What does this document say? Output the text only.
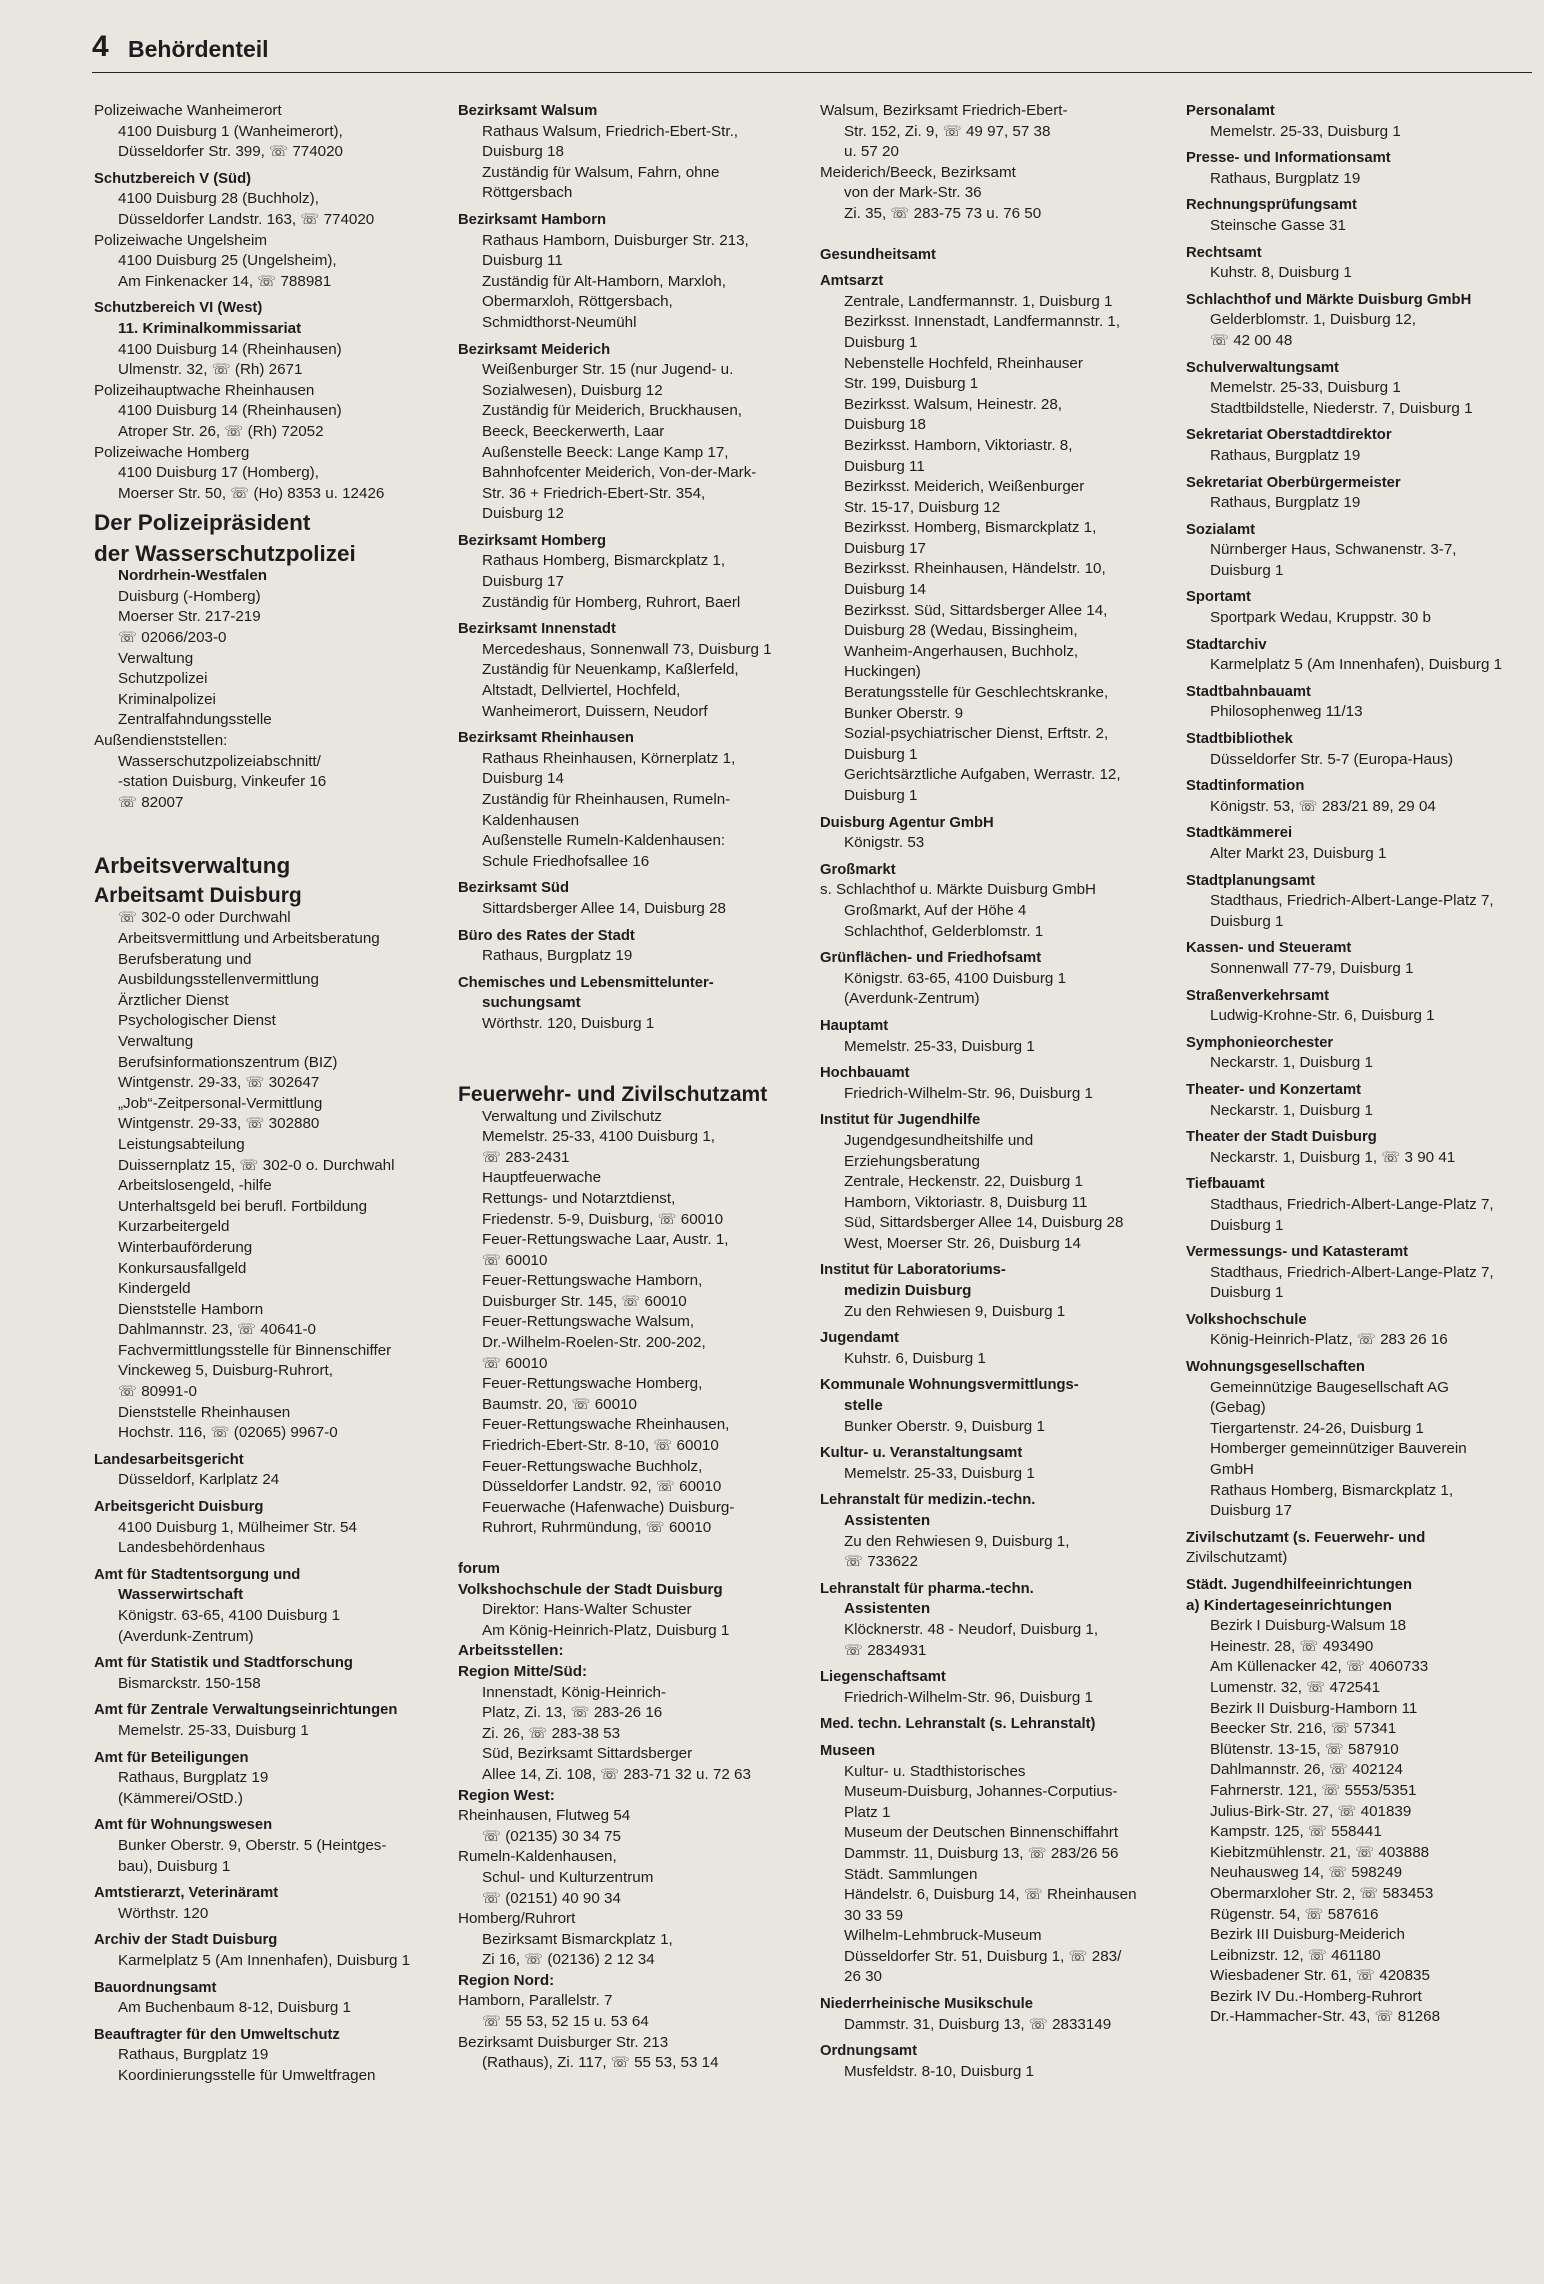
4 Behördenteil
Polizeiwache Wanheimerort
4100 Duisburg 1 (Wanheimerort),
Düsseldorfer Str. 399, ☏ 774020
Schutzbereich V (Süd)
4100 Duisburg 28 (Buchholz),
Düsseldorfer Landstr. 163, ☏ 774020
Polizeiwache Ungelsheim
4100 Duisburg 25 (Ungelsheim),
Am Finkenacker 14, ☏ 788981
Schutzbereich VI (West)
11. Kriminalkommissariat
4100 Duisburg 14 (Rheinhausen)
Ulmenstr. 32, ☏ (Rh) 2671
Polizeihauptwache Rheinhausen
4100 Duisburg 14 (Rheinhausen)
Atroper Str. 26, ☏ (Rh) 72052
Polizeiwache Homberg
4100 Duisburg 17 (Homberg),
Moerser Str. 50, ☏ (Ho) 8353 u. 12426
Der Polizeipräsident
der Wasserschutzpolizei
Nordrhein-Westfalen
Duisburg (-Homberg)
Moerser Str. 217-219
☏ 02066/203-0
Verwaltung
Schutzpolizei
Kriminalpolizei
Zentralfahndungsstelle
Außendienststellen:
Wasserschutzpolizeiabschnitt/
-station Duisburg, Vinkeufer 16
☏ 82007
Arbeitsverwaltung
Arbeitsamt Duisburg
☏ 302-0 oder Durchwahl
Arbeitsvermittlung und Arbeitsberatung
Berufsberatung und
Ausbildungsstellenvermittlung
Ärztlicher Dienst
Psychologischer Dienst
Verwaltung
Berufsinformationszentrum (BIZ)
Wintgenstr. 29-33, ☏ 302647
„Job“-Zeitpersonal-Vermittlung
Wintgenstr. 29-33, ☏ 302880
Leistungsabteilung
Duissernplatz 15, ☏ 302-0 o. Durchwahl
Arbeitslosengeld, -hilfe
Unterhaltsgeld bei berufl. Fortbildung
Kurzarbeitergeld
Winterbauförderung
Konkursausfallgeld
Kindergeld
Dienststelle Hamborn
Dahlmannstr. 23, ☏ 40641-0
Fachvermittlungsstelle für Binnenschiffer
Vinckeweg 5, Duisburg-Ruhrort,
☏ 80991-0
Dienststelle Rheinhausen
Hochstr. 116, ☏ (02065) 9967-0
Landesarbeitsgericht
Düsseldorf, Karlplatz 24
Arbeitsgericht Duisburg
4100 Duisburg 1, Mülheimer Str. 54
Landesbehördenhaus
Amt für Stadtentsorgung und
Wasserwirtschaft
Königstr. 63-65, 4100 Duisburg 1
(Averdunk-Zentrum)
Amt für Statistik und Stadtforschung
Bismarckstr. 150-158
Amt für Zentrale Verwaltungseinrichtungen
Memelstr. 25-33, Duisburg 1
Amt für Beteiligungen
Rathaus, Burgplatz 19
(Kämmerei/OStD.)
Amt für Wohnungswesen
Bunker Oberstr. 9, Oberstr. 5 (Heintges-
bau), Duisburg 1
Amtstierarzt, Veterinäramt
Wörthstr. 120
Archiv der Stadt Duisburg
Karmelplatz 5 (Am Innenhafen), Duisburg 1
Bauordnungsamt
Am Buchenbaum 8-12, Duisburg 1
Beauftragter für den Umweltschutz
Rathaus, Burgplatz 19
Koordinierungsstelle für Umweltfragen
Bezirksamt Walsum
Rathaus Walsum, Friedrich-Ebert-Str.,
Duisburg 18
Zuständig für Walsum, Fahrn, ohne
Röttgersbach
Bezirksamt Hamborn
Rathaus Hamborn, Duisburger Str. 213,
Duisburg 11
Zuständig für Alt-Hamborn, Marxloh,
Obermarxloh, Röttgersbach,
Schmidthorst-Neumühl
Bezirksamt Meiderich
Weißenburger Str. 15 (nur Jugend- u.
Sozialwesen), Duisburg 12
Zuständig für Meiderich, Bruckhausen,
Beeck, Beeckerwerth, Laar
Außenstelle Beeck: Lange Kamp 17,
Bahnhofcenter Meiderich, Von-der-Mark-
Str. 36 + Friedrich-Ebert-Str. 354,
Duisburg 12
Bezirksamt Homberg
Rathaus Homberg, Bismarckplatz 1,
Duisburg 17
Zuständig für Homberg, Ruhrort, Baerl
Bezirksamt Innenstadt
Mercedeshaus, Sonnenwall 73, Duisburg 1
Zuständig für Neuenkamp, Kaßlerfeld,
Altstadt, Dellviertel, Hochfeld,
Wanheimerort, Duissern, Neudorf
Bezirksamt Rheinhausen
Rathaus Rheinhausen, Körnerplatz 1,
Duisburg 14
Zuständig für Rheinhausen, Rumeln-
Kaldenhausen
Außenstelle Rumeln-Kaldenhausen:
Schule Friedhofsallee 16
Bezirksamt Süd
Sittardsberger Allee 14, Duisburg 28
Büro des Rates der Stadt
Rathaus, Burgplatz 19
Chemisches und Lebensmittelunter-
suchungsamt
Wörthstr. 120, Duisburg 1
Feuerwehr- und Zivilschutzamt
Verwaltung und Zivilschutz
Memelstr. 25-33, 4100 Duisburg 1,
☏ 283-2431
Hauptfeuerwache
Rettungs- und Notarztdienst,
Friedenstr. 5-9, Duisburg, ☏ 60010
Feuer-Rettungswache Laar, Austr. 1,
☏ 60010
Feuer-Rettungswache Hamborn,
Duisburger Str. 145, ☏ 60010
Feuer-Rettungswache Walsum,
Dr.-Wilhelm-Roelen-Str. 200-202,
☏ 60010
Feuer-Rettungswache Homberg,
Baumstr. 20, ☏ 60010
Feuer-Rettungswache Rheinhausen,
Friedrich-Ebert-Str. 8-10, ☏ 60010
Feuer-Rettungswache Buchholz,
Düsseldorfer Landstr. 92, ☏ 60010
Feuerwache (Hafenwache) Duisburg-
Ruhrort, Ruhrmündung, ☏ 60010
forum
Volkshochschule der Stadt Duisburg
Direktor: Hans-Walter Schuster
Am König-Heinrich-Platz, Duisburg 1
Arbeitsstellen:
Region Mitte/Süd:
Innenstadt, König-Heinrich-
Platz, Zi. 13, ☏ 283-26 16
Zi. 26, ☏ 283-38 53
Süd, Bezirksamt Sittardsberger
Allee 14, Zi. 108, ☏ 283-71 32 u. 72 63
Region West:
Rheinhausen, Flutweg 54
☏ (02135) 30 34 75
Rumeln-Kaldenhausen,
Schul- und Kulturzentrum
☏ (02151) 40 90 34
Homberg/Ruhrort
Bezirksamt Bismarckplatz 1,
Zi 16, ☏ (02136) 2 12 34
Region Nord:
Hamborn, Parallelstr. 7
☏ 55 53, 52 15 u. 53 64
Bezirksamt Duisburger Str. 213
(Rathaus), Zi. 117, ☏ 55 53, 53 14
Walsum, Bezirksamt Friedrich-Ebert-
Str. 152, Zi. 9, ☏ 49 97, 57 38
u. 57 20
Meiderich/Beeck, Bezirksamt
von der Mark-Str. 36
Zi. 35, ☏ 283-75 73 u. 76 50
Gesundheitsamt
Amtsarzt
Zentrale, Landfermannstr. 1, Duisburg 1
Bezirksst. Innenstadt, Landfermannstr. 1,
Duisburg 1
Nebenstelle Hochfeld, Rheinhauser
Str. 199, Duisburg 1
Bezirksst. Walsum, Heinestr. 28,
Duisburg 18
Bezirksst. Hamborn, Viktoriastr. 8,
Duisburg 11
Bezirksst. Meiderich, Weißenburger
Str. 15-17, Duisburg 12
Bezirksst. Homberg, Bismarckplatz 1,
Duisburg 17
Bezirksst. Rheinhausen, Händelstr. 10,
Duisburg 14
Bezirksst. Süd, Sittardsberger Allee 14,
Duisburg 28 (Wedau, Bissingheim,
Wanheim-Angerhausen, Buchholz,
Huckingen)
Beratungsstelle für Geschlechtskranke,
Bunker Oberstr. 9
Sozial-psychiatrischer Dienst, Erftstr. 2,
Duisburg 1
Gerichtsärztliche Aufgaben, Werrastr. 12,
Duisburg 1
Duisburg Agentur GmbH
Königstr. 53
Großmarkt
s. Schlachthof u. Märkte Duisburg GmbH
Großmarkt, Auf der Höhe 4
Schlachthof, Gelderblomstr. 1
Grünflächen- und Friedhofsamt
Königstr. 63-65, 4100 Duisburg 1
(Averdunk-Zentrum)
Hauptamt
Memelstr. 25-33, Duisburg 1
Hochbauamt
Friedrich-Wilhelm-Str. 96, Duisburg 1
Institut für Jugendhilfe
Jugendgesundheitshilfe und
Erziehungsberatung
Zentrale, Heckenstr. 22, Duisburg 1
Hamborn, Viktoriastr. 8, Duisburg 11
Süd, Sittardsberger Allee 14, Duisburg 28
West, Moerser Str. 26, Duisburg 14
Institut für Laboratoriums-
medizin Duisburg
Zu den Rehwiesen 9, Duisburg 1
Jugendamt
Kuhstr. 6, Duisburg 1
Kommunale Wohnungsvermittlungs-
stelle
Bunker Oberstr. 9, Duisburg 1
Kultur- u. Veranstaltungsamt
Memelstr. 25-33, Duisburg 1
Lehranstalt für medizin.-techn.
Assistenten
Zu den Rehwiesen 9, Duisburg 1,
☏ 733622
Lehranstalt für pharma.-techn.
Assistenten
Klöcknerstr. 48 - Neudorf, Duisburg 1,
☏ 2834931
Liegenschaftsamt
Friedrich-Wilhelm-Str. 96, Duisburg 1
Med. techn. Lehranstalt (s. Lehranstalt)
Museen
Kultur- u. Stadthistorisches
Museum-Duisburg, Johannes-Corputius-
Platz 1
Museum der Deutschen Binnenschiffahrt
Dammstr. 11, Duisburg 13, ☏ 283/26 56
Städt. Sammlungen
Händelstr. 6, Duisburg 14, ☏ Rheinhausen
30 33 59
Wilhelm-Lehmbruck-Museum
Düsseldorfer Str. 51, Duisburg 1, ☏ 283/
26 30
Niederrheinische Musikschule
Dammstr. 31, Duisburg 13, ☏ 2833149
Ordnungsamt
Musfeldstr. 8-10, Duisburg 1
Personalamt
Memelstr. 25-33, Duisburg 1
Presse- und Informationsamt
Rathaus, Burgplatz 19
Rechnungsprüfungsamt
Steinsche Gasse 31
Rechtsamt
Kuhstr. 8, Duisburg 1
Schlachthof und Märkte Duisburg GmbH
Gelderblomstr. 1, Duisburg 12,
☏ 42 00 48
Schulverwaltungsamt
Memelstr. 25-33, Duisburg 1
Stadtbildstelle, Niederstr. 7, Duisburg 1
Sekretariat Oberstadtdirektor
Rathaus, Burgplatz 19
Sekretariat Oberbürgermeister
Rathaus, Burgplatz 19
Sozialamt
Nürnberger Haus, Schwanenstr. 3-7,
Duisburg 1
Sportamt
Sportpark Wedau, Kruppstr. 30 b
Stadtarchiv
Karmelplatz 5 (Am Innenhafen), Duisburg 1
Stadtbahnbauamt
Philosophenweg 11/13
Stadtbibliothek
Düsseldorfer Str. 5-7 (Europa-Haus)
Stadtinformation
Königstr. 53, ☏ 283/21 89, 29 04
Stadtkämmerei
Alter Markt 23, Duisburg 1
Stadtplanungsamt
Stadthaus, Friedrich-Albert-Lange-Platz 7,
Duisburg 1
Kassen- und Steueramt
Sonnenwall 77-79, Duisburg 1
Straßenverkehrsamt
Ludwig-Krohne-Str. 6, Duisburg 1
Symphonieorchester
Neckarstr. 1, Duisburg 1
Theater- und Konzertamt
Neckarstr. 1, Duisburg 1
Theater der Stadt Duisburg
Neckarstr. 1, Duisburg 1, ☏ 3 90 41
Tiefbauamt
Stadthaus, Friedrich-Albert-Lange-Platz 7,
Duisburg 1
Vermessungs- und Katasteramt
Stadthaus, Friedrich-Albert-Lange-Platz 7,
Duisburg 1
Volkshochschule
König-Heinrich-Platz, ☏ 283 26 16
Wohnungsgesellschaften
Gemeinnützige Baugesellschaft AG
(Gebag)
Tiergartenstr. 24-26, Duisburg 1
Homberger gemeinnütziger Bauverein
GmbH
Rathaus Homberg, Bismarckplatz 1,
Duisburg 17
Zivilschutzamt (s. Feuerwehr- und
Zivilschutzamt)
Städt. Jugendhilfeeinrichtungen
a) Kindertageseinrichtungen
Bezirk I Duisburg-Walsum 18
Heinestr. 28, ☏ 493490
Am Küllenacker 42, ☏ 4060733
Lumenstr. 32, ☏ 472541
Bezirk II Duisburg-Hamborn 11
Beecker Str. 216, ☏ 57341
Blütenstr. 13-15, ☏ 587910
Dahlmannstr. 26, ☏ 402124
Fahrnerstr. 121, ☏ 5553/5351
Julius-Birk-Str. 27, ☏ 401839
Kampstr. 125, ☏ 558441
Kiebitzmühlenstr. 21, ☏ 403888
Neuhausweg 14, ☏ 598249
Obermarxloher Str. 2, ☏ 583453
Rügenstr. 54, ☏ 587616
Bezirk III Duisburg-Meiderich
Leibnizstr. 12, ☏ 461180
Wiesbadener Str. 61, ☏ 420835
Bezirk IV Du.-Homberg-Ruhrort
Dr.-Hammacher-Str. 43, ☏ 81268
